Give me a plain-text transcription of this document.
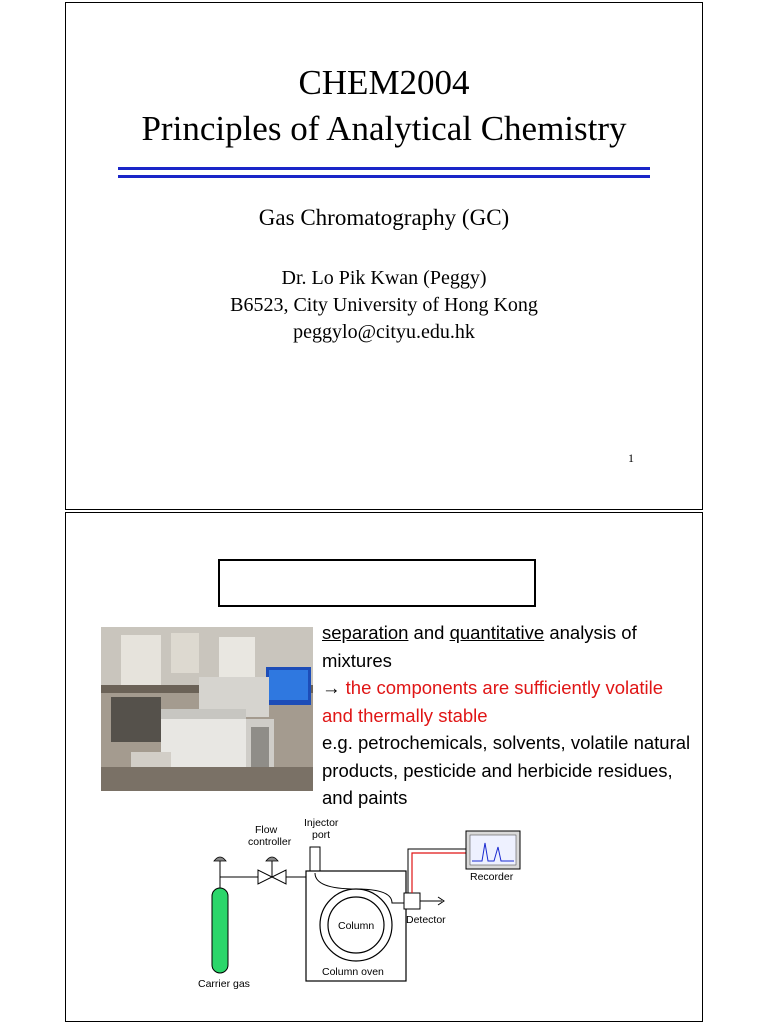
CHEM2004
Principles of Analytical Chemistry
Gas Chromatography (GC)
Dr. Lo Pik Kwan (Peggy)
B6523, City University of Hong Kong
peggylo@cityu.edu.hk
1
separation and quantitative analysis of mixtures
→ the components are sufficiently volatile and thermally stable
e.g. petrochemicals, solvents, volatile natural products, pesticide and herbicide residues, and paints
Flow
controller
Injector
port
Recorder
Column	Detector
Column oven
Carrier gas
